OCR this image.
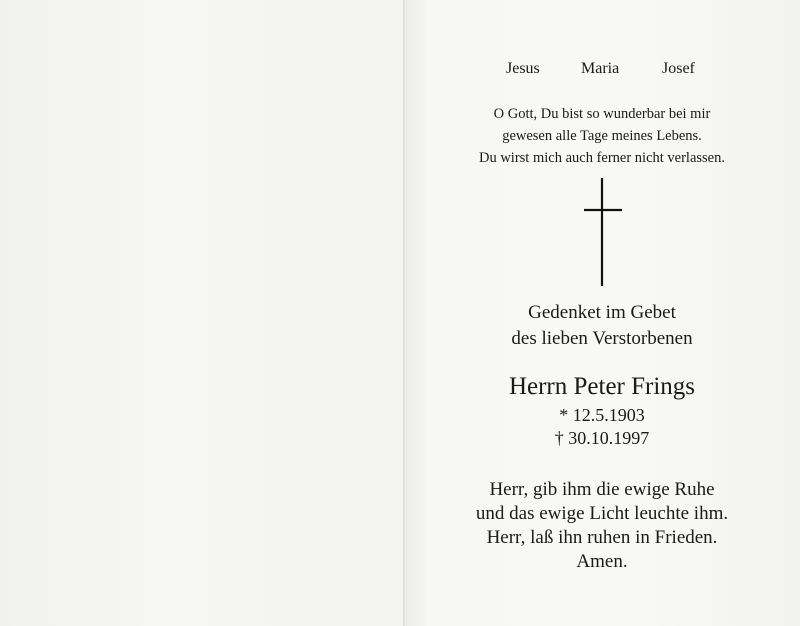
Jesus	Maria	Josef
O Gott, Du bist so wunderbar bei mir
gewesen alle Tage meines Lebens.
Du wirst mich auch ferner nicht verlassen.
Gedenket im Gebet
des lieben Verstorbenen
Herrn Peter Frings
* 12.5.1903
† 30.10.1997
Herr, gib ihm die ewige Ruhe
und das ewige Licht leuchte ihm.
Herr, laß ihn ruhen in Frieden.
Amen.
